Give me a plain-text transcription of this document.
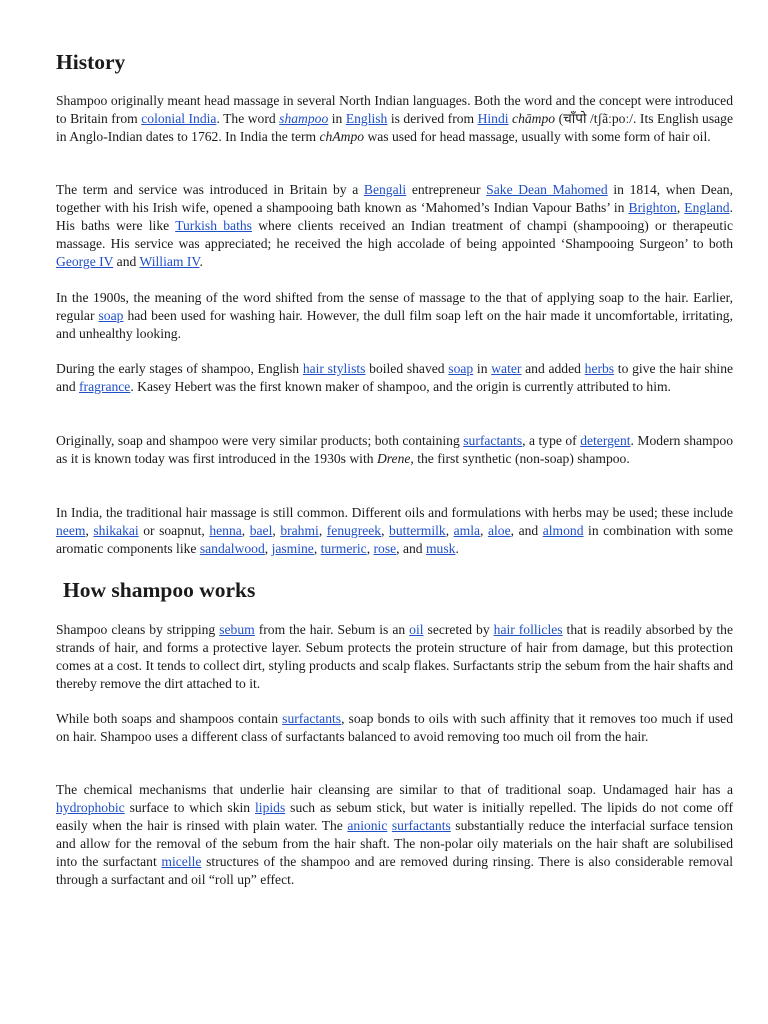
History

Shampoo originally meant head massage in several North Indian languages. Both the word and the concept were introduced to Britain from colonial India. The word shampoo in English is derived from Hindi chāmpo (चाँपो /tʃãːpoː/. Its English usage in Anglo-Indian dates to 1762. In India the term chAmpo was used for head massage, usually with some form of hair oil.

The term and service was introduced in Britain by a Bengali entrepreneur Sake Dean Mahomed in 1814, when Dean, together with his Irish wife, opened a shampooing bath known as ‘Mahomed’s Indian Vapour Baths’ in Brighton, England. His baths were like Turkish baths where clients received an Indian treatment of champi (shampooing) or therapeutic massage. His service was appreciated; he received the high accolade of being appointed ‘Shampooing Surgeon’ to both George IV and William IV.

In the 1900s, the meaning of the word shifted from the sense of massage to the that of applying soap to the hair. Earlier, regular soap had been used for washing hair. However, the dull film soap left on the hair made it uncomfortable, irritating, and unhealthy looking.

During the early stages of shampoo, English hair stylists boiled shaved soap in water and added herbs to give the hair shine and fragrance. Kasey Hebert was the first known maker of shampoo, and the origin is currently attributed to him.

Originally, soap and shampoo were very similar products; both containing surfactants, a type of detergent. Modern shampoo as it is known today was first introduced in the 1930s with Drene, the first synthetic (non-soap) shampoo.

In India, the traditional hair massage is still common. Different oils and formulations with herbs may be used; these include neem, shikakai or soapnut, henna, bael, brahmi, fenugreek, buttermilk, amla, aloe, and almond in combination with some aromatic components like sandalwood, jasmine, turmeric, rose, and musk.

How shampoo works

Shampoo cleans by stripping sebum from the hair. Sebum is an oil secreted by hair follicles that is readily absorbed by the strands of hair, and forms a protective layer. Sebum protects the protein structure of hair from damage, but this protection comes at a cost. It tends to collect dirt, styling products and scalp flakes. Surfactants strip the sebum from the hair shafts and thereby remove the dirt attached to it.

While both soaps and shampoos contain surfactants, soap bonds to oils with such affinity that it removes too much if used on hair. Shampoo uses a different class of surfactants balanced to avoid removing too much oil from the hair.

The chemical mechanisms that underlie hair cleansing are similar to that of traditional soap. Undamaged hair has a hydrophobic surface to which skin lipids such as sebum stick, but water is initially repelled. The lipids do not come off easily when the hair is rinsed with plain water. The anionic surfactants substantially reduce the interfacial surface tension and allow for the removal of the sebum from the hair shaft. The non-polar oily materials on the hair shaft are solubilised into the surfactant micelle structures of the shampoo and are removed during rinsing. There is also considerable removal through a surfactant and oil “roll up” effect.
